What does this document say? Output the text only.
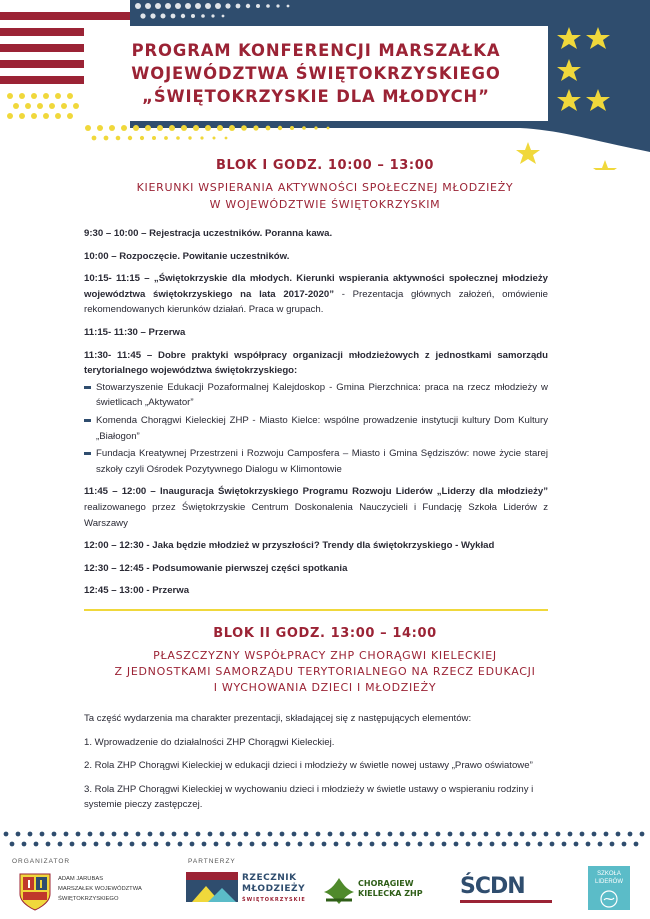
PROGRAM KONFERENCJI MARSZAŁKA
WOJEWÓDZTWA ŚWIĘTOKRZYSKIEGO
„ŚWIĘTOKRZYSKIE DLA MŁODYCH”
BLOK I GODZ. 10:00 – 13:00
KIERUNKI WSPIERANIA AKTYWNOŚCI SPOŁECZNEJ MŁODZIEŻY
W WOJEWÓDZTWIE ŚWIĘTOKRZYSKIM
9:30 – 10:00 – Rejestracja uczestników. Poranna kawa.
10:00 – Rozpoczęcie. Powitanie uczestników.
10:15- 11:15 – „Świętokrzyskie dla młodych. Kierunki wspierania aktywności społecznej młodzieży województwa świętokrzyskiego na lata 2017-2020” - Prezentacja głównych założeń, omówienie rekomendowanych kierunków działań. Praca w grupach.
11:15- 11:30 – Przerwa
11:30- 11:45 – Dobre praktyki współpracy organizacji młodzieżowych z jednostkami samorządu terytorialnego województwa świętokrzyskiego:
Stowarzyszenie Edukacji Pozaformalnej Kalejdoskop - Gmina Pierzchnica: praca na rzecz młodzieży w świetlicach „Aktywator”
Komenda Chorągwi Kieleckiej ZHP - Miasto Kielce: wspólne prowadzenie instytucji kultury Dom Kultury „Białogon”
Fundacja Kreatywnej Przestrzeni i Rozwoju Camposfera – Miasto i Gmina Sędziszów: nowe życie starej szkoły czyli Ośrodek Pozytywnego Dialogu w Klimontowie
11:45 – 12:00 – Inauguracja Świętokrzyskiego Programu Rozwoju Liderów „Liderzy dla młodzieży” realizowanego przez Świętokrzyskie Centrum Doskonalenia Nauczycieli i Fundację Szkoła Liderów z Warszawy
12:00 – 12:30 - Jaka będzie młodzież w przyszłości? Trendy dla świętokrzyskiego - Wykład
12:30 – 12:45 - Podsumowanie pierwszej części spotkania
12:45 – 13:00 - Przerwa
BLOK II GODZ. 13:00 – 14:00
PŁASZCZYZNY WSPÓŁPRACY ZHP CHORĄGWI KIELECKIEJ
Z JEDNOSTKAMI SAMORZĄDU TERYTORIALNEGO NA RZECZ EDUKACJI
I WYCHOWANIA DZIECI I MŁODZIEŻY

Ta część wydarzenia ma charakter prezentacji, składającej się z następujących elementów:

1. Wprowadzenie do działalności ZHP Chorągwi Kieleckiej.

2. Rola ZHP Chorągwi Kieleckiej w edukacji dzieci i młodzieży w świetle nowej ustawy „Prawo oświatowe”

3. Rola ZHP Chorągwi Kieleckiej w wychowaniu dzieci i młodzieży w świetle ustawy o wspieraniu rodziny i systemie pieczy zastępczej.

ORGANIZATOR
ADAM JARUBAS
MARSZAŁEK WOJEWÓDZTWA
ŚWIĘTOKRZYSKIEGO
PARTNERZY
RZECZNIK
MŁODZIEŻY
ŚWIĘTOKRZYSKIE
CHORĄGIEW
KIELECKA ZHP ŚCDN	SZKOŁA
LIDERÓW
